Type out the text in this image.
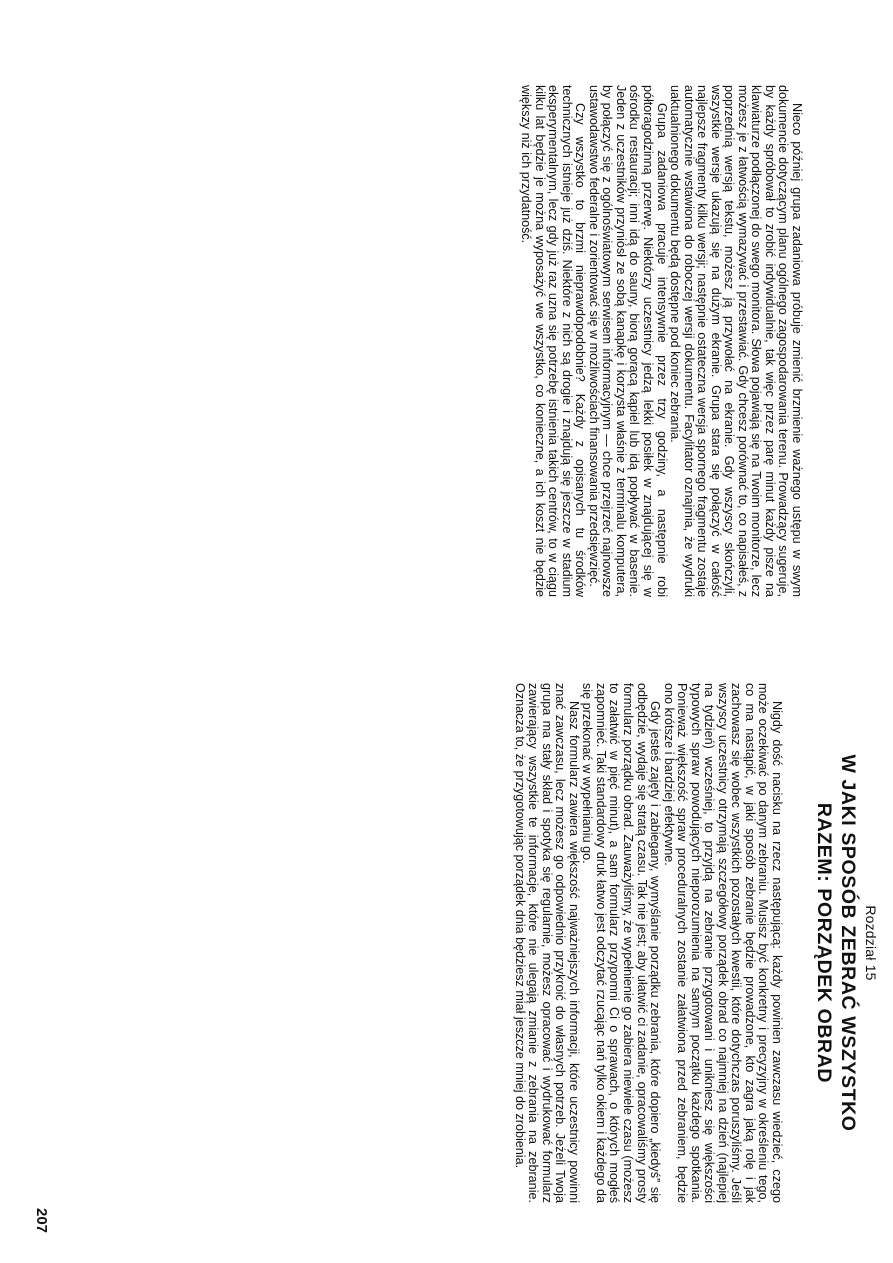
Nieco później grupa zadaniowa próbuje zmienić brzmienie ważnego ustępu w swym dokumencie dotyczącym planu ogólnego zagospodarowania terenu. Prowadzący sugeruje, by każdy spróbował to zrobić indywidualnie, tak więc przez parę minut każdy pisze na klawiaturze podłączonej do swego monitora. Słowa pojawiają się na Twoim monitorze, lecz możesz je z łatwością wymazywać i przestawiać. Gdy chcesz porównać to, co napisałeś, z poprzednią wersją tekstu, możesz ją przywołać na ekranie. Gdy wszyscy skończyli, wszystkie wersje ukazują się na dużym ekranie. Grupa stara się połączyć w całość najlepsze fragmenty kilku wersji; następnie ostateczna wersja spornego fragmentu zostaje automatycznie wstawiona do roboczej wersji dokumentu. Facylitator oznajmia, że wydruki uaktualnionego dokumentu będą dostępne pod koniec zebrania.

Grupa zadaniowa pracuje intensywnie przez trzy godziny, a następnie robi półtoragodzinną przerwę. Niektórzy uczestnicy jedzą lekki posiłek w znajdującej się w ośrodku restauracji; inni idą do sauny, biorą gorącą kąpiel lub idą popływać w basenie. Jeden z uczestników przyniósł ze sobą kanapkę i korzysta właśnie z terminalu komputera, by połączyć się z ogólnoświatowym serwisem informacyjnym — chce przejrzeć najnowsze ustawodawstwo federalne i zorientować się w możliwościach finansowania przedsięwzięć.

Czy wszystko to brzmi nieprawdopodobnie? Każdy z opisanych tu środków technicznych istnieje już dziś. Niektóre z nich są drogie i znajdują się jeszcze w stadium eksperymentalnym, lecz gdy już raz uzna się potrzebę istnienia takich centrów, to w ciągu kilku lat będzie je można wyposażyć we wszystko, co konieczne, a ich koszt nie będzie większy niż ich przydatność.

Rozdział 15
W JAKI SPOSÓB ZEBRAĆ WSZYSTKO
RAZEM: PORZĄDEK OBRAD

Nigdy dość nacisku na rzecz następującą: każdy powinien zawczasu wiedzieć, czego może oczekiwać po danym zebraniu. Musisz być konkretny i precyzyjny w określeniu tego, co ma nastąpić, w jaki sposób zebranie będzie prowadzone, kto zagra jaką rolę i jak zachowasz się wobec wszystkich pozostałych kwestii, które dotychczas poruszyliśmy. Jeśli wszyscy uczestnicy otrzymają szczegółowy porządek obrad co najmniej na dzień (najlepiej na tydzień) wcześniej, to przyjdą na zebranie przygotowani i unikniesz się większości typowych spraw powodujących nieporozumienia na samym początku każdego spotkania. Ponieważ większość spraw proceduralnych zostanie załatwiona przed zebraniem, będzie ono krótsze i bardziej efektywne.

Gdy jesteś zajęty i zabiegany, wymyślanie porządku zebrania, które dopiero „kiedyś” się odbędzie, wydaje się stratą czasu. Tak nie jest; aby ułatwić ci zadanie, opracowaliśmy prosty formularz porządku obrad. Zauważyliśmy, że wypełnienie go zabiera niewiele czasu (możesz to załatwić w pięć minut), a sam formularz przypomni Ci o sprawach, o których mogłeś zapomnieć. Taki standardowy druk łatwo jest odczytać rzucając nań tylko okiem i każdego da się przekonać w wypełnianiu go.

Nasz formularz zawiera większość najważniejszych informacji, które uczestnicy powinni znać zawczasu, lecz możesz go odpowiednio przykroić do własnych potrzeb. Jeżeli Twoja grupa ma stały skład i spotyka się regularnie, możesz opracować i wydrukować formularz zawierający wszystkie te informacje, które nie ulegają zmianie z zebrania na zebranie. Oznacza to, że przygotowując porządek dnia będziesz miał jeszcze mniej do zrobienia.

207
